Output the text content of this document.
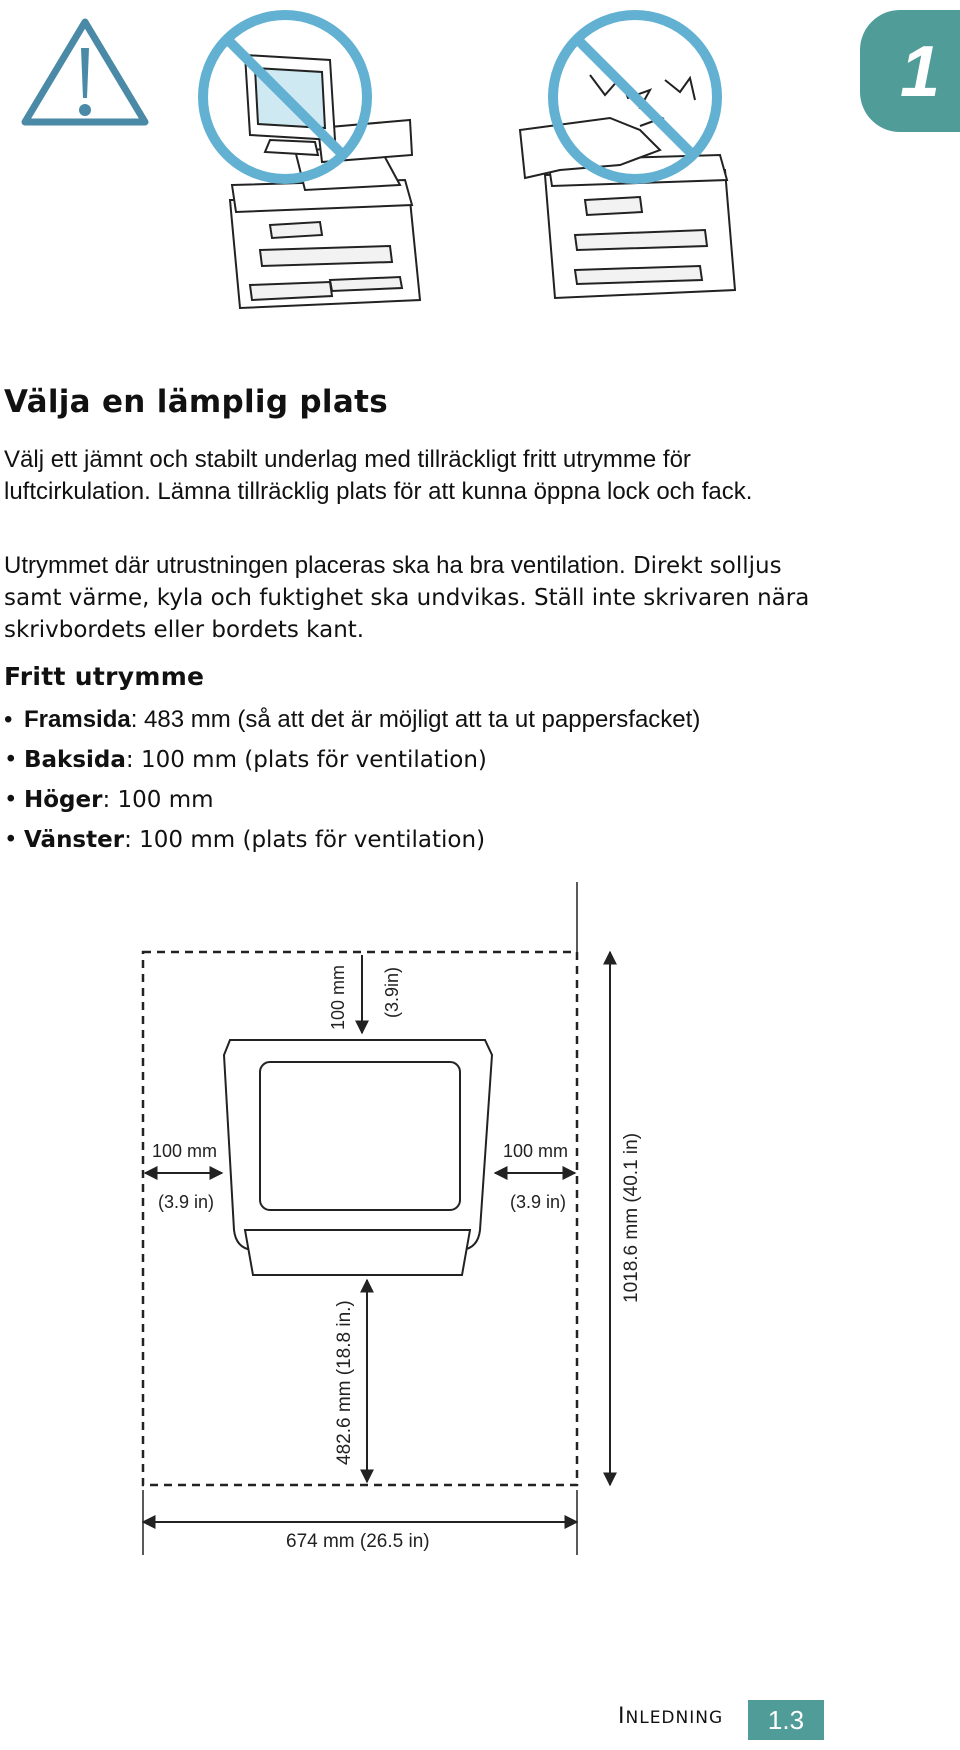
1
Välja en lämplig plats
Välj ett jämnt och stabilt underlag med tillräckligt fritt utrymme för luftcirkulation. Lämna tillräcklig plats för att kunna öppna lock och fack.
Utrymmet där utrustningen placeras ska ha bra ventilation. Direkt solljus samt värme, kyla och fuktighet ska undvikas. Ställ inte skrivaren nära skrivbordets eller bordets kant.
Fritt utrymme
• Framsida: 483 mm (så att det är möjligt att ta ut pappersfacket)
• Baksida: 100 mm (plats för ventilation)
• Höger: 100 mm
• Vänster: 100 mm (plats för ventilation)
100 mm (3.9in)
100 mm
(3.9 in)
100 mm
(3.9 in)
482.6 mm (18.8 in.)
1018.6 mm (40.1 in)
674 mm (26.5 in)
INLEDNING	1.3
